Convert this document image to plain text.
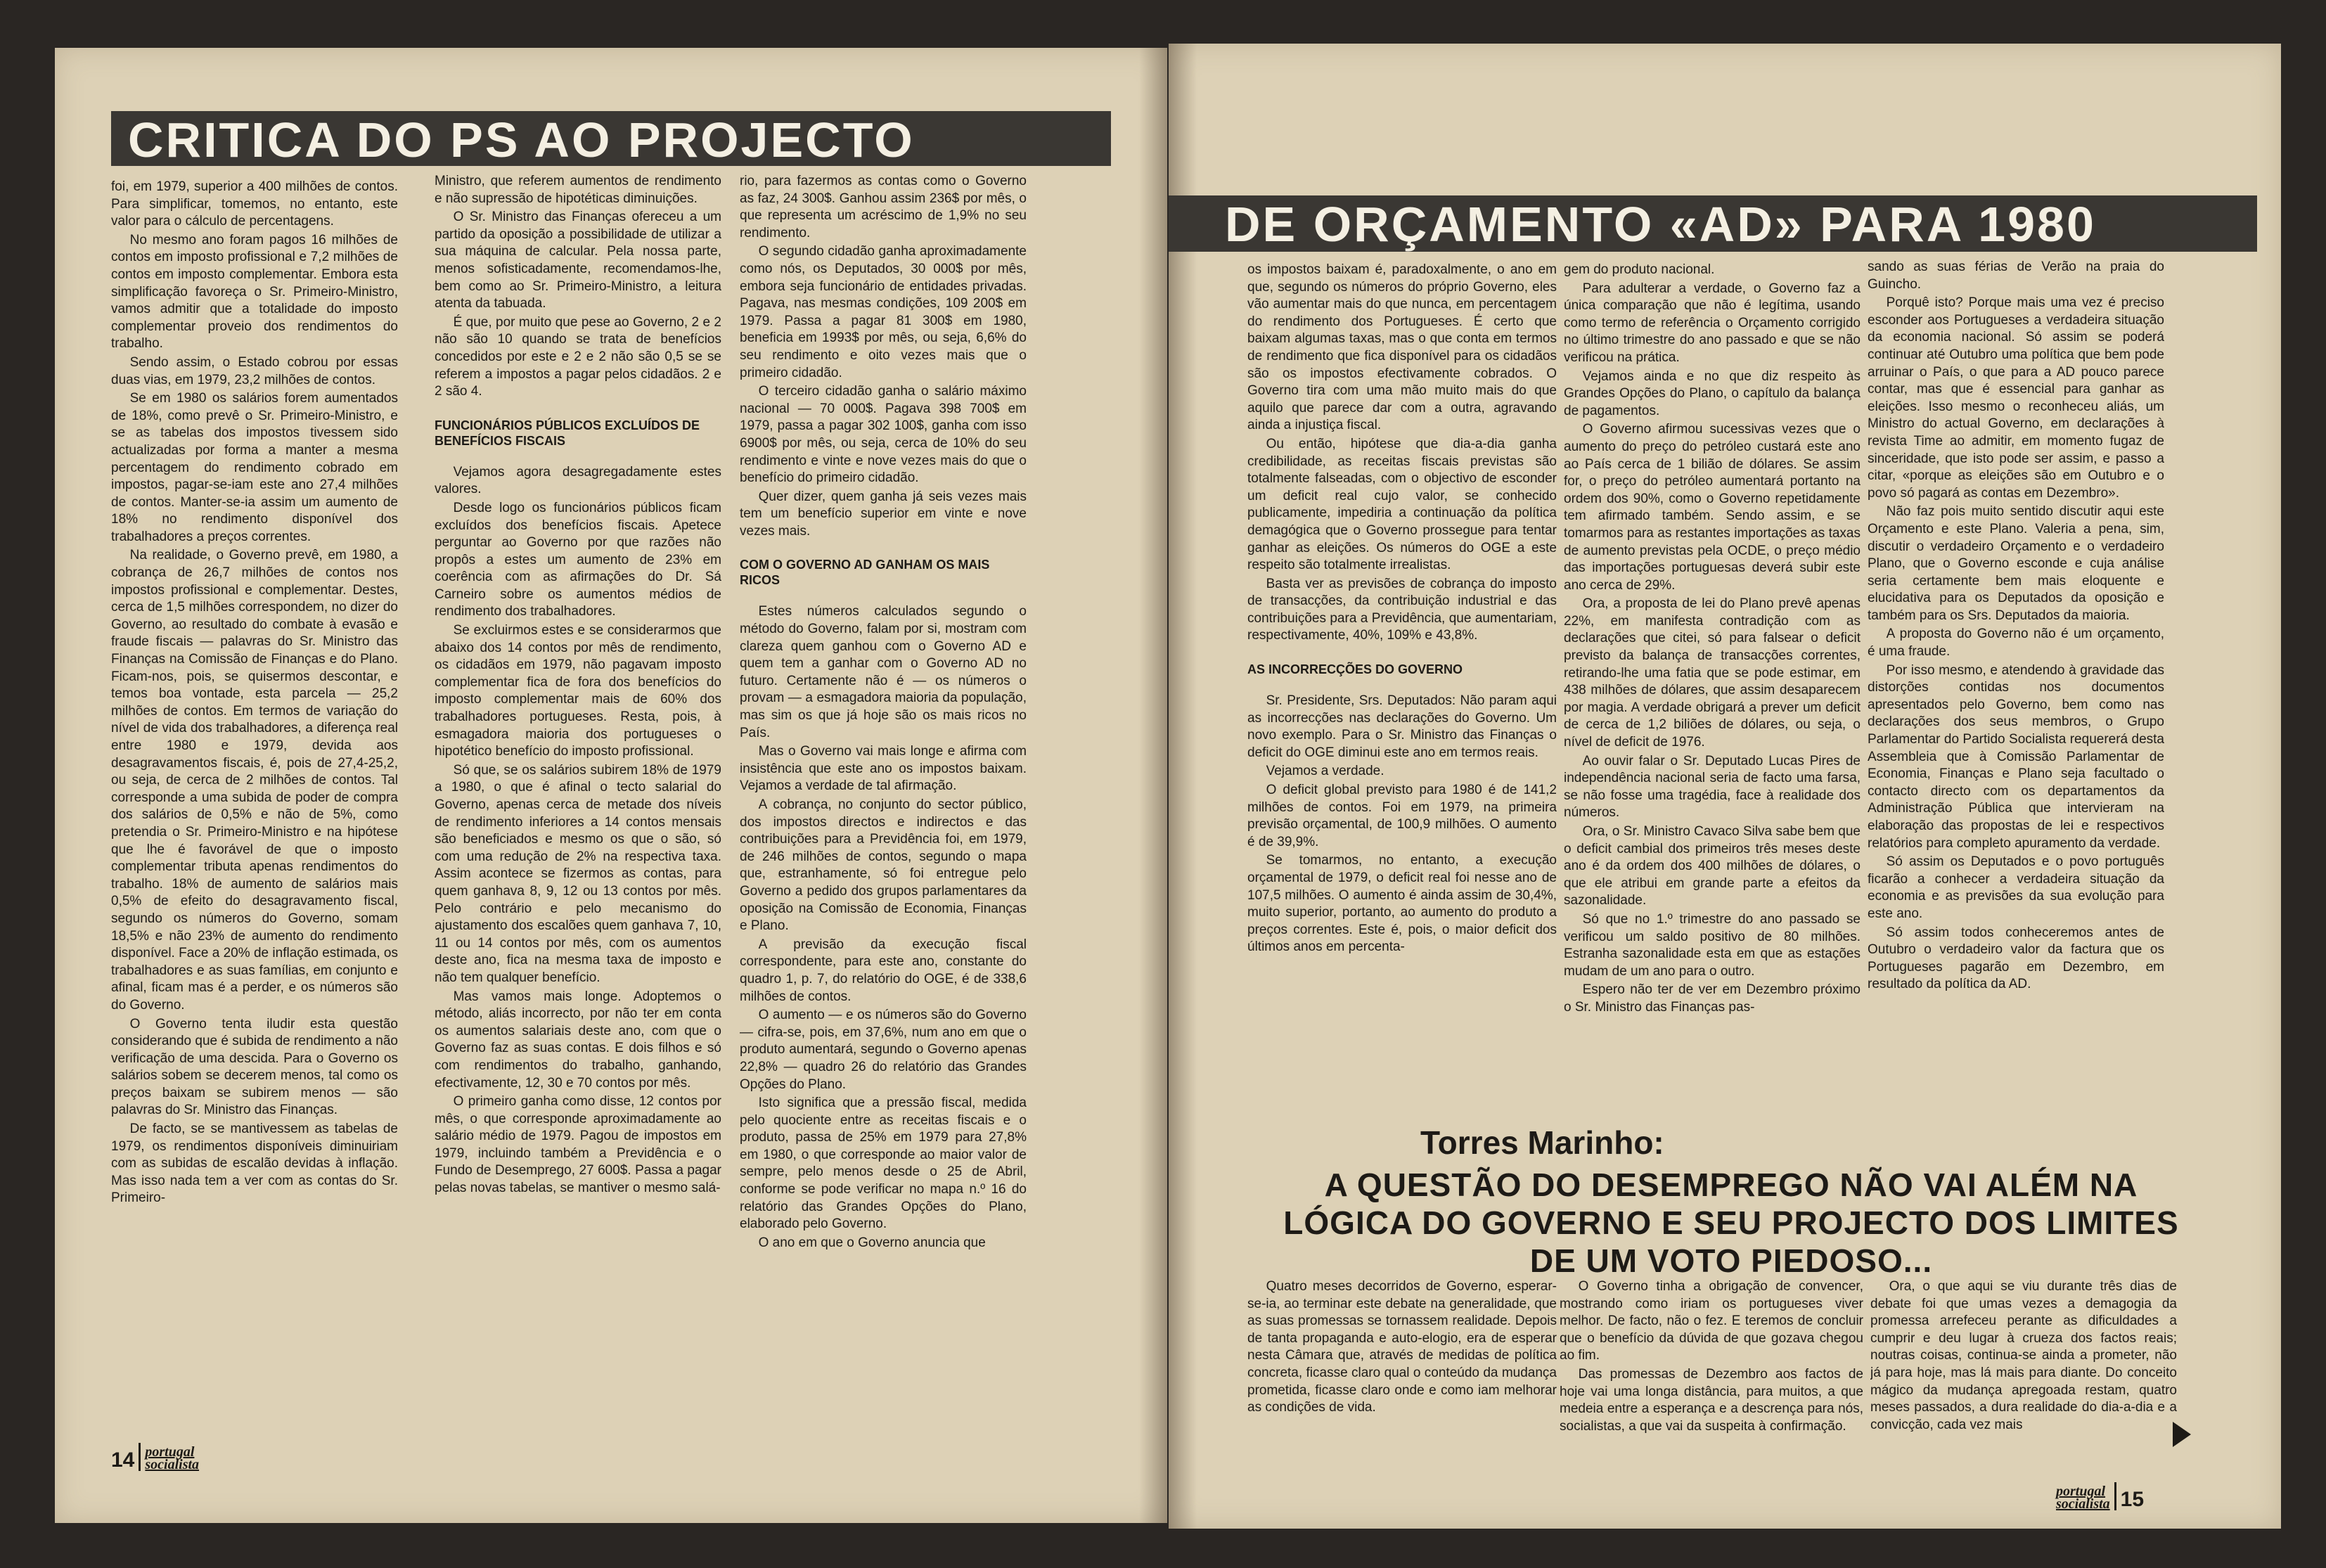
CRITICA DO PS AO PROJECTO

foi, em 1979, superior a 400 milhões de contos. Para simplificar, tomemos, no entanto, este valor para o cálculo de percentagens.

No mesmo ano foram pagos 16 milhões de contos em imposto profissional e 7,2 milhões de contos em imposto complementar. Embora esta simplificação favoreça o Sr. Primeiro-Ministro, vamos admitir que a totalidade do imposto complementar proveio dos rendimentos do trabalho.

Sendo assim, o Estado cobrou por essas duas vias, em 1979, 23,2 milhões de contos.

Se em 1980 os salários forem aumentados de 18%, como prevê o Sr. Primeiro-Ministro, e se as tabelas dos impostos tivessem sido actualizadas por forma a manter a mesma percentagem do rendimento cobrado em impostos, pagar-se-iam este ano 27,4 milhões de contos. Manter-se-ia assim um aumento de 18% no rendimento disponível dos trabalhadores a preços correntes.

Na realidade, o Governo prevê, em 1980, a cobrança de 26,7 milhões de contos nos impostos profissional e complementar. Destes, cerca de 1,5 milhões correspondem, no dizer do Governo, ao resultado do combate à evasão e fraude fiscais — palavras do Sr. Ministro das Finanças na Comissão de Finanças e do Plano. Ficam-nos, pois, se quisermos descontar, e temos boa vontade, esta parcela — 25,2 milhões de contos. Em termos de variação do nível de vida dos trabalhadores, a diferença real entre 1980 e 1979, devida aos desagravamentos fiscais, é, pois de 27,4-25,2, ou seja, de cerca de 2 milhões de contos. Tal corresponde a uma subida de poder de compra dos salários de 0,5% e não de 5%, como pretendia o Sr. Primeiro-Ministro e na hipótese que lhe é favorável de que o imposto complementar tributa apenas rendimentos do trabalho. 18% de aumento de salários mais 0,5% de efeito do desagravamento fiscal, segundo os números do Governo, somam 18,5% e não 23% de aumento do rendimento disponível. Face a 20% de inflação estimada, os trabalhadores e as suas famílias, em conjunto e afinal, ficam mas é a perder, e os números são do Governo.

O Governo tenta iludir esta questão considerando que é subida de rendimento a não verificação de uma descida. Para o Governo os salários sobem se decerem menos, tal como os preços baixam se subirem menos — são palavras do Sr. Ministro das Finanças.

De facto, se se mantivessem as tabelas de 1979, os rendimentos disponíveis diminuiriam com as subidas de escalão devidas à inflação. Mas isso nada tem a ver com as contas do Sr. Primeiro-

Ministro, que referem aumentos de rendimento e não supressão de hipotéticas diminuições.

O Sr. Ministro das Finanças ofereceu a um partido da oposição a possibilidade de utilizar a sua máquina de calcular. Pela nossa parte, menos sofisticadamente, recomendamos-lhe, bem como ao Sr. Primeiro-Ministro, a leitura atenta da tabuada.

É que, por muito que pese ao Governo, 2 e 2 não são 10 quando se trata de benefícios concedidos por este e 2 e 2 não são 0,5 se se referem a impostos a pagar pelos cidadãos. 2 e 2 são 4.

FUNCIONÁRIOS PÚBLICOS EXCLUÍDOS DE BENEFÍCIOS FISCAIS

Vejamos agora desagregadamente estes valores.

Desde logo os funcionários públicos ficam excluídos dos benefícios fiscais. Apetece perguntar ao Governo por que razões não propôs a estes um aumento de 23% em coerência com as afirmações do Dr. Sá Carneiro sobre os aumentos médios de rendimento dos trabalhadores.

Se excluirmos estes e se considerarmos que abaixo dos 14 contos por mês de rendimento, os cidadãos em 1979, não pagavam imposto complementar fica de fora dos benefícios do imposto complementar mais de 60% dos trabalhadores portugueses. Resta, pois, à esmagadora maioria dos portugueses o hipotético benefício do imposto profissional.

Só que, se os salários subirem 18% de 1979 a 1980, o que é afinal o tecto salarial do Governo, apenas cerca de metade dos níveis de rendimento inferiores a 14 contos mensais são beneficiados e mesmo os que o são, só com uma redução de 2% na respectiva taxa. Assim acontece se fizermos as contas, para quem ganhava 8, 9, 12 ou 13 contos por mês. Pelo contrário e pelo mecanismo do ajustamento dos escalões quem ganhava 7, 10, 11 ou 14 contos por mês, com os aumentos deste ano, fica na mesma taxa de imposto e não tem qualquer benefício.

Mas vamos mais longe. Adoptemos o método, aliás incorrecto, por não ter em conta os aumentos salariais deste ano, com que o Governo faz as suas contas. E dois filhos e só com rendimentos do trabalho, ganhando, efectivamente, 12, 30 e 70 contos por mês.

O primeiro ganha como disse, 12 contos por mês, o que corresponde aproximadamente ao salário médio de 1979. Pagou de impostos em 1979, incluindo também a Previdência e o Fundo de Desemprego, 27 600$. Passa a pagar pelas novas tabelas, se mantiver o mesmo salá-

rio, para fazermos as contas como o Governo as faz, 24 300$. Ganhou assim 236$ por mês, o que representa um acréscimo de 1,9% no seu rendimento.

O segundo cidadão ganha aproximadamente como nós, os Deputados, 30 000$ por mês, embora seja funcionário de entidades privadas. Pagava, nas mesmas condições, 109 200$ em 1979. Passa a pagar 81 300$ em 1980, beneficia em 1993$ por mês, ou seja, 6,6% do seu rendimento e oito vezes mais que o primeiro cidadão.

O terceiro cidadão ganha o salário máximo nacional — 70 000$. Pagava 398 700$ em 1979, passa a pagar 302 100$, ganha com isso 6900$ por mês, ou seja, cerca de 10% do seu rendimento e vinte e nove vezes mais do que o benefício do primeiro cidadão.

Quer dizer, quem ganha já seis vezes mais tem um benefício superior em vinte e nove vezes mais.

COM O GOVERNO AD GANHAM OS MAIS RICOS

Estes números calculados segundo o método do Governo, falam por si, mostram com clareza quem ganhou com o Governo AD e quem tem a ganhar com o Governo AD no futuro. Certamente não é — os números o provam — a esmagadora maioria da população, mas sim os que já hoje são os mais ricos no País.

Mas o Governo vai mais longe e afirma com insistência que este ano os impostos baixam. Vejamos a verdade de tal afirmação.

A cobrança, no conjunto do sector público, dos impostos directos e indirectos e das contribuições para a Previdência foi, em 1979, de 246 milhões de contos, segundo o mapa que, estranhamente, só foi entregue pelo Governo a pedido dos grupos parlamentares da oposição na Comissão de Economia, Finanças e Plano.

A previsão da execução fiscal correspondente, para este ano, constante do quadro 1, p. 7, do relatório do OGE, é de 338,6 milhões de contos.

O aumento — e os números são do Governo — cifra-se, pois, em 37,6%, num ano em que o produto aumentará, segundo o Governo apenas 22,8% — quadro 26 do relatório das Grandes Opções do Plano.

Isto significa que a pressão fiscal, medida pelo quociente entre as receitas fiscais e o produto, passa de 25% em 1979 para 27,8% em 1980, o que corresponde ao maior valor de sempre, pelo menos desde o 25 de Abril, conforme se pode verificar no mapa n.º 16 do relatório das Grandes Opções do Plano, elaborado pelo Governo.

O ano em que o Governo anuncia que

14 portugal
socialista
DE ORÇAMENTO «AD» PARA 1980

os impostos baixam é, paradoxalmente, o ano em que, segundo os números do próprio Governo, eles vão aumentar mais do que nunca, em percentagem do rendimento dos Portugueses. É certo que baixam algumas taxas, mas o que conta em termos de rendimento que fica disponível para os cidadãos são os impostos efectivamente cobrados. O Governo tira com uma mão muito mais do que aquilo que parece dar com a outra, agravando ainda a injustiça fiscal.

Ou então, hipótese que dia-a-dia ganha credibilidade, as receitas fiscais previstas são totalmente falseadas, com o objectivo de esconder um deficit real cujo valor, se conhecido publicamente, impediria a continuação da política demagógica que o Governo prossegue para tentar ganhar as eleições. Os números do OGE a este respeito são totalmente irrealistas.

Basta ver as previsões de cobrança do imposto de transacções, da contribuição industrial e das contribuições para a Previdência, que aumentariam, respectivamente, 40%, 109% e 43,8%.

AS INCORRECÇÕES DO GOVERNO

Sr. Presidente, Srs. Deputados: Não param aqui as incorrecções nas declarações do Governo. Um novo exemplo. Para o Sr. Ministro das Finanças o deficit do OGE diminui este ano em termos reais.

Vejamos a verdade.

O deficit global previsto para 1980 é de 141,2 milhões de contos. Foi em 1979, na primeira previsão orçamental, de 100,9 milhões. O aumento é de 39,9%.

Se tomarmos, no entanto, a execução orçamental de 1979, o deficit real foi nesse ano de 107,5 milhões. O aumento é ainda assim de 30,4%, muito superior, portanto, ao aumento do produto a preços correntes. Este é, pois, o maior deficit dos últimos anos em percenta-

gem do produto nacional.

Para adulterar a verdade, o Governo faz a única comparação que não é legítima, usando como termo de referência o Orçamento corrigido no último trimestre do ano passado e que se não verificou na prática.

Vejamos ainda e no que diz respeito às Grandes Opções do Plano, o capítulo da balança de pagamentos.

O Governo afirmou sucessivas vezes que o aumento do preço do petróleo custará este ano ao País cerca de 1 bilião de dólares. Se assim for, o preço do petróleo aumentará portanto na ordem dos 90%, como o Governo repetidamente tem afirmado também. Sendo assim, e se tomarmos para as restantes importações as taxas de aumento previstas pela OCDE, o preço médio das importações portuguesas deverá subir este ano cerca de 29%.

Ora, a proposta de lei do Plano prevê apenas 22%, em manifesta contradição com as declarações que citei, só para falsear o deficit previsto da balança de transacções correntes, retirando-lhe uma fatia que se pode estimar, em 438 milhões de dólares, que assim desaparecem por magia. A verdade obrigará a prever um deficit de cerca de 1,2 biliões de dólares, ou seja, o nível de deficit de 1976.

Ao ouvir falar o Sr. Deputado Lucas Pires de independência nacional seria de facto uma farsa, se não fosse uma tragédia, face à realidade dos números.

Ora, o Sr. Ministro Cavaco Silva sabe bem que o deficit cambial dos primeiros três meses deste ano é da ordem dos 400 milhões de dólares, o que ele atribui em grande parte a efeitos da sazonalidade.

Só que no 1.º trimestre do ano passado se verificou um saldo positivo de 80 milhões. Estranha sazonalidade esta em que as estações mudam de um ano para o outro.

Espero não ter de ver em Dezembro próximo o Sr. Ministro das Finanças pas-

sando as suas férias de Verão na praia do Guincho.

Porquê isto? Porque mais uma vez é preciso esconder aos Portugueses a verdadeira situação da economia nacional. Só assim se poderá continuar até Outubro uma política que bem pode arruinar o País, o que para a AD pouco parece contar, mas que é essencial para ganhar as eleições. Isso mesmo o reconheceu aliás, um Ministro do actual Governo, em declarações à revista Time ao admitir, em momento fugaz de sinceridade, que isto pode ser assim, e passo a citar, «porque as eleições são em Outubro e o povo só pagará as contas em Dezembro».

Não faz pois muito sentido discutir aqui este Orçamento e este Plano. Valeria a pena, sim, discutir o verdadeiro Orçamento e o verdadeiro Plano, que o Governo esconde e cuja análise seria certamente bem mais eloquente e elucidativa para os Deputados da oposição e também para os Srs. Deputados da maioria.

A proposta do Governo não é um orçamento, é uma fraude.

Por isso mesmo, e atendendo à gravidade das distorções contidas nos documentos apresentados pelo Governo, bem como nas declarações dos seus membros, o Grupo Parlamentar do Partido Socialista requererá desta Assembleia que à Comissão Parlamentar de Economia, Finanças e Plano seja facultado o contacto directo com os departamentos da Administração Pública que intervieram na elaboração das propostas de lei e respectivos relatórios para completo apuramento da verdade.

Só assim os Deputados e o povo português ficarão a conhecer a verdadeira situação da economia e as previsões da sua evolução para este ano.

Só assim todos conheceremos antes de Outubro o verdadeiro valor da factura que os Portugueses pagarão em Dezembro, em resultado da política da AD.

Torres Marinho:
A QUESTÃO DO DESEMPREGO NÃO VAI ALÉM NA LÓGICA DO GOVERNO E SEU PROJECTO DOS LIMITES DE UM VOTO PIEDOSO...

Quatro meses decorridos de Governo, esperar-se-ia, ao terminar este debate na generalidade, que as suas promessas se tornassem realidade. Depois de tanta propaganda e auto-elogio, era de esperar nesta Câmara que, através de medidas de política concreta, ficasse claro qual o conteúdo da mudança prometida, ficasse claro onde e como iam melhorar as condições de vida.

O Governo tinha a obrigação de convencer, mostrando como iriam os portugueses viver melhor. De facto, não o fez. E teremos de concluir que o benefício da dúvida de que gozava chegou ao fim.

Das promessas de Dezembro aos factos de hoje vai uma longa distância, para muitos, a que medeia entre a esperança e a descrença para nós, socialistas, a que vai da suspeita à confirmação.

Ora, o que aqui se viu durante três dias de debate foi que umas vezes a demagogia da promessa arrefeceu perante as dificuldades a cumprir e deu lugar à crueza dos factos reais; noutras coisas, continua-se ainda a prometer, não já para hoje, mas lá mais para diante. Do conceito mágico da mudança apregoada restam, quatro meses passados, a dura realidade do dia-a-dia e a convicção, cada vez mais

portugal
socialista 15
